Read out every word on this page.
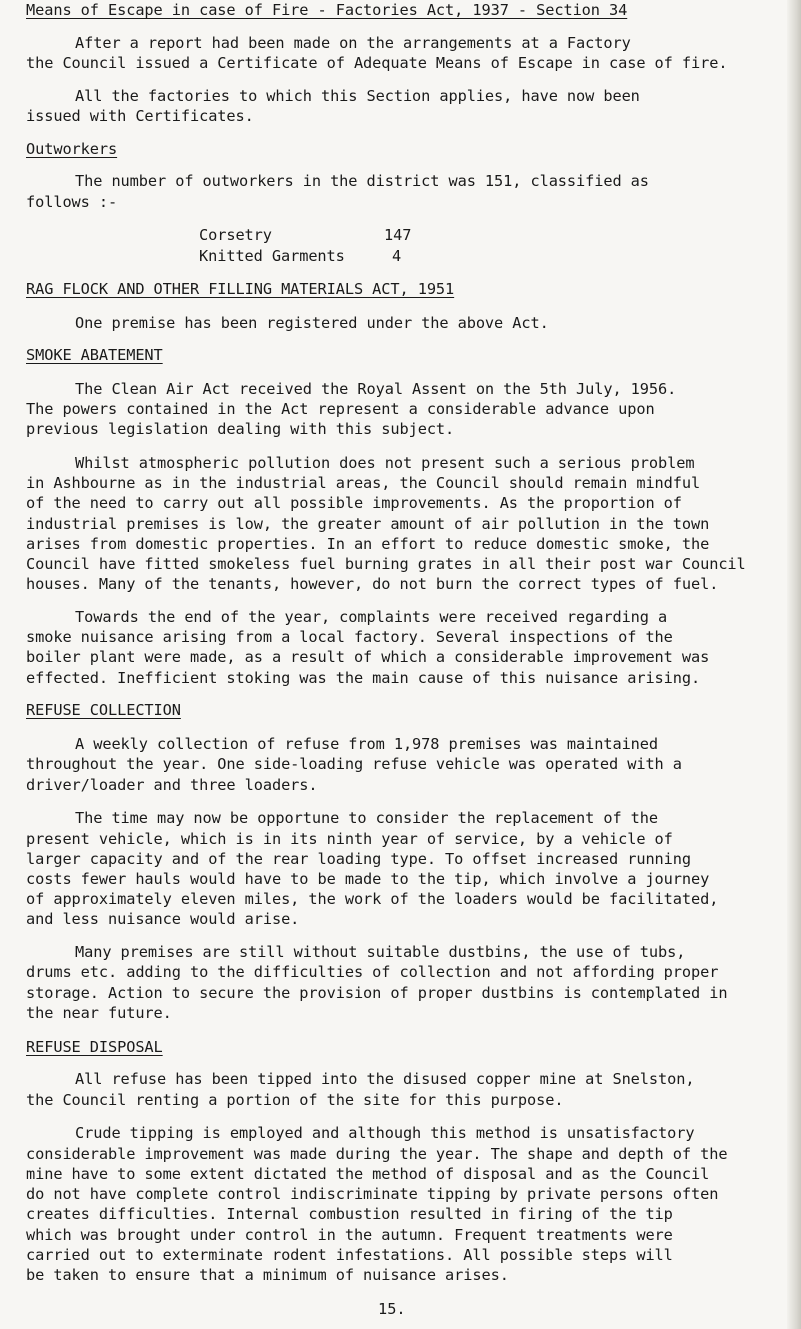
Means of Escape in case of Fire - Factories Act, 1937 - Section 34
After a report had been made on the arrangements at a Factory
the Council issued a Certificate of Adequate Means of Escape in case of fire.
All the factories to which this Section applies, have now been
issued with Certificates.
Outworkers
The number of outworkers in the district was 151, classified as
follows :-
Corsetry	147
Knitted Garments	4
RAG FLOCK AND OTHER FILLING MATERIALS ACT, 1951
One premise has been registered under the above Act.
SMOKE ABATEMENT
The Clean Air Act received the Royal Assent on the 5th July, 1956.
The powers contained in the Act represent a considerable advance upon
previous legislation dealing with this subject.
Whilst atmospheric pollution does not present such a serious problem
in Ashbourne as in the industrial areas, the Council should remain mindful
of the need to carry out all possible improvements. As the proportion of
industrial premises is low, the greater amount of air pollution in the town
arises from domestic properties. In an effort to reduce domestic smoke, the
Council have fitted smokeless fuel burning grates in all their post war Council
houses. Many of the tenants, however, do not burn the correct types of fuel.
Towards the end of the year, complaints were received regarding a
smoke nuisance arising from a local factory. Several inspections of the
boiler plant were made, as a result of which a considerable improvement was
effected. Inefficient stoking was the main cause of this nuisance arising.
REFUSE COLLECTION
A weekly collection of refuse from 1,978 premises was maintained
throughout the year. One side-loading refuse vehicle was operated with a
driver/loader and three loaders.
The time may now be opportune to consider the replacement of the
present vehicle, which is in its ninth year of service, by a vehicle of
larger capacity and of the rear loading type. To offset increased running
costs fewer hauls would have to be made to the tip, which involve a journey
of approximately eleven miles, the work of the loaders would be facilitated,
and less nuisance would arise.
Many premises are still without suitable dustbins, the use of tubs,
drums etc. adding to the difficulties of collection and not affording proper
storage. Action to secure the provision of proper dustbins is contemplated in
the near future.
REFUSE DISPOSAL
All refuse has been tipped into the disused copper mine at Snelston,
the Council renting a portion of the site for this purpose.
Crude tipping is employed and although this method is unsatisfactory
considerable improvement was made during the year. The shape and depth of the
mine have to some extent dictated the method of disposal and as the Council
do not have complete control indiscriminate tipping by private persons often
creates difficulties. Internal combustion resulted in firing of the tip
which was brought under control in the autumn. Frequent treatments were
carried out to exterminate rodent infestations. All possible steps will
be taken to ensure that a minimum of nuisance arises.
15.
